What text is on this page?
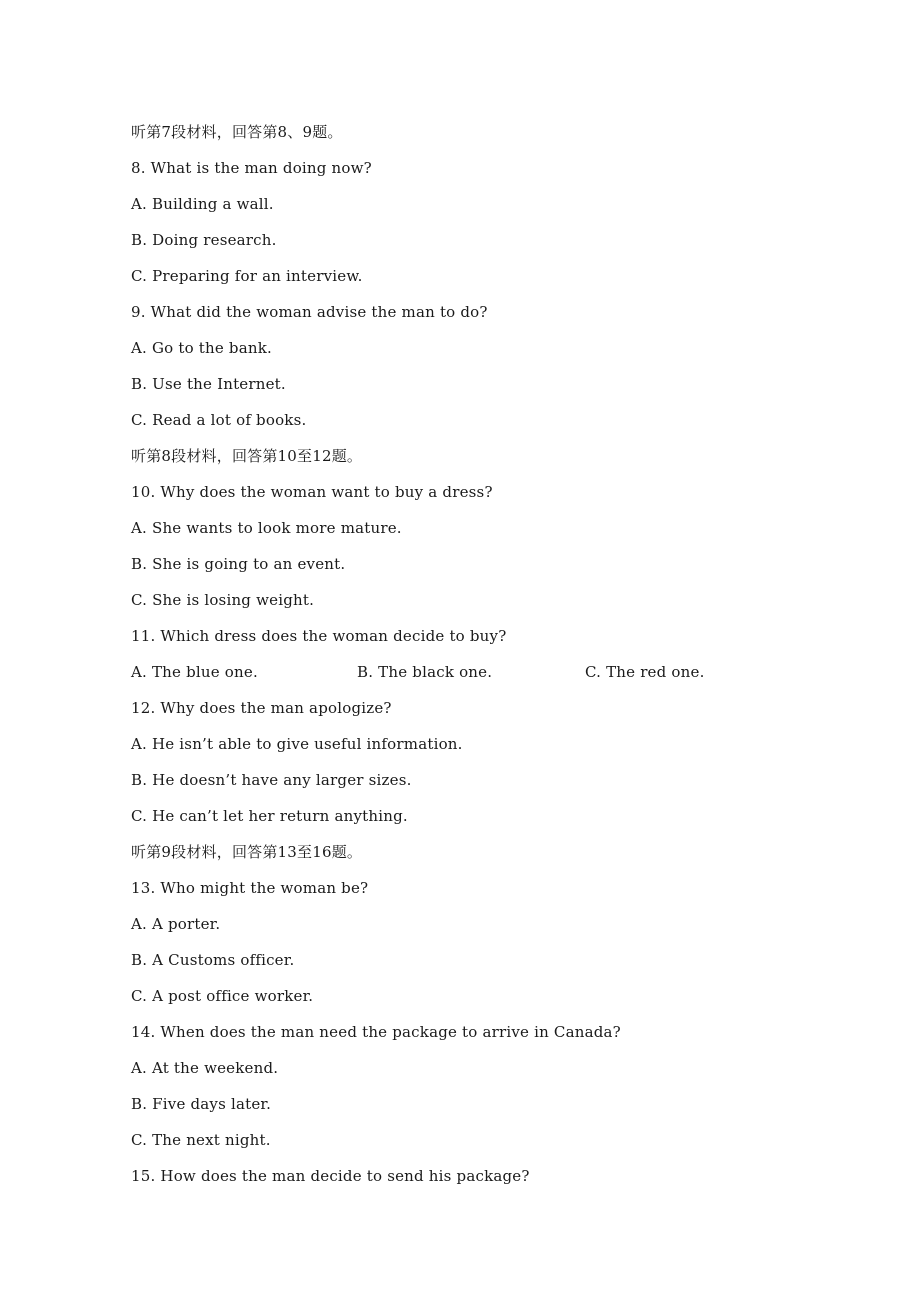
听第7段材料，回答第8、9题。
8. What is the man doing now?
A. Building a wall.
B. Doing research.
C. Preparing for an interview.
9. What did the woman advise the man to do?
A. Go to the bank.
B. Use the Internet.
C. Read a lot of books.
听第8段材料，回答第10至12题。
10. Why does the woman want to buy a dress?
A. She wants to look more mature.
B. She is going to an event.
C. She is losing weight.
11. Which dress does the woman decide to buy?
A. The blue one.	B. The black one.	C. The red one.
12. Why does the man apologize?
A. He isn’t able to give useful information.
B. He doesn’t have any larger sizes.
C. He can’t let her return anything.
听第9段材料，回答第13至16题。
13. Who might the woman be?
A. A porter.
B. A Customs officer.
C. A post office worker.
14. When does the man need the package to arrive in Canada?
A. At the weekend.
B. Five days later.
C. The next night.
15. How does the man decide to send his package?
